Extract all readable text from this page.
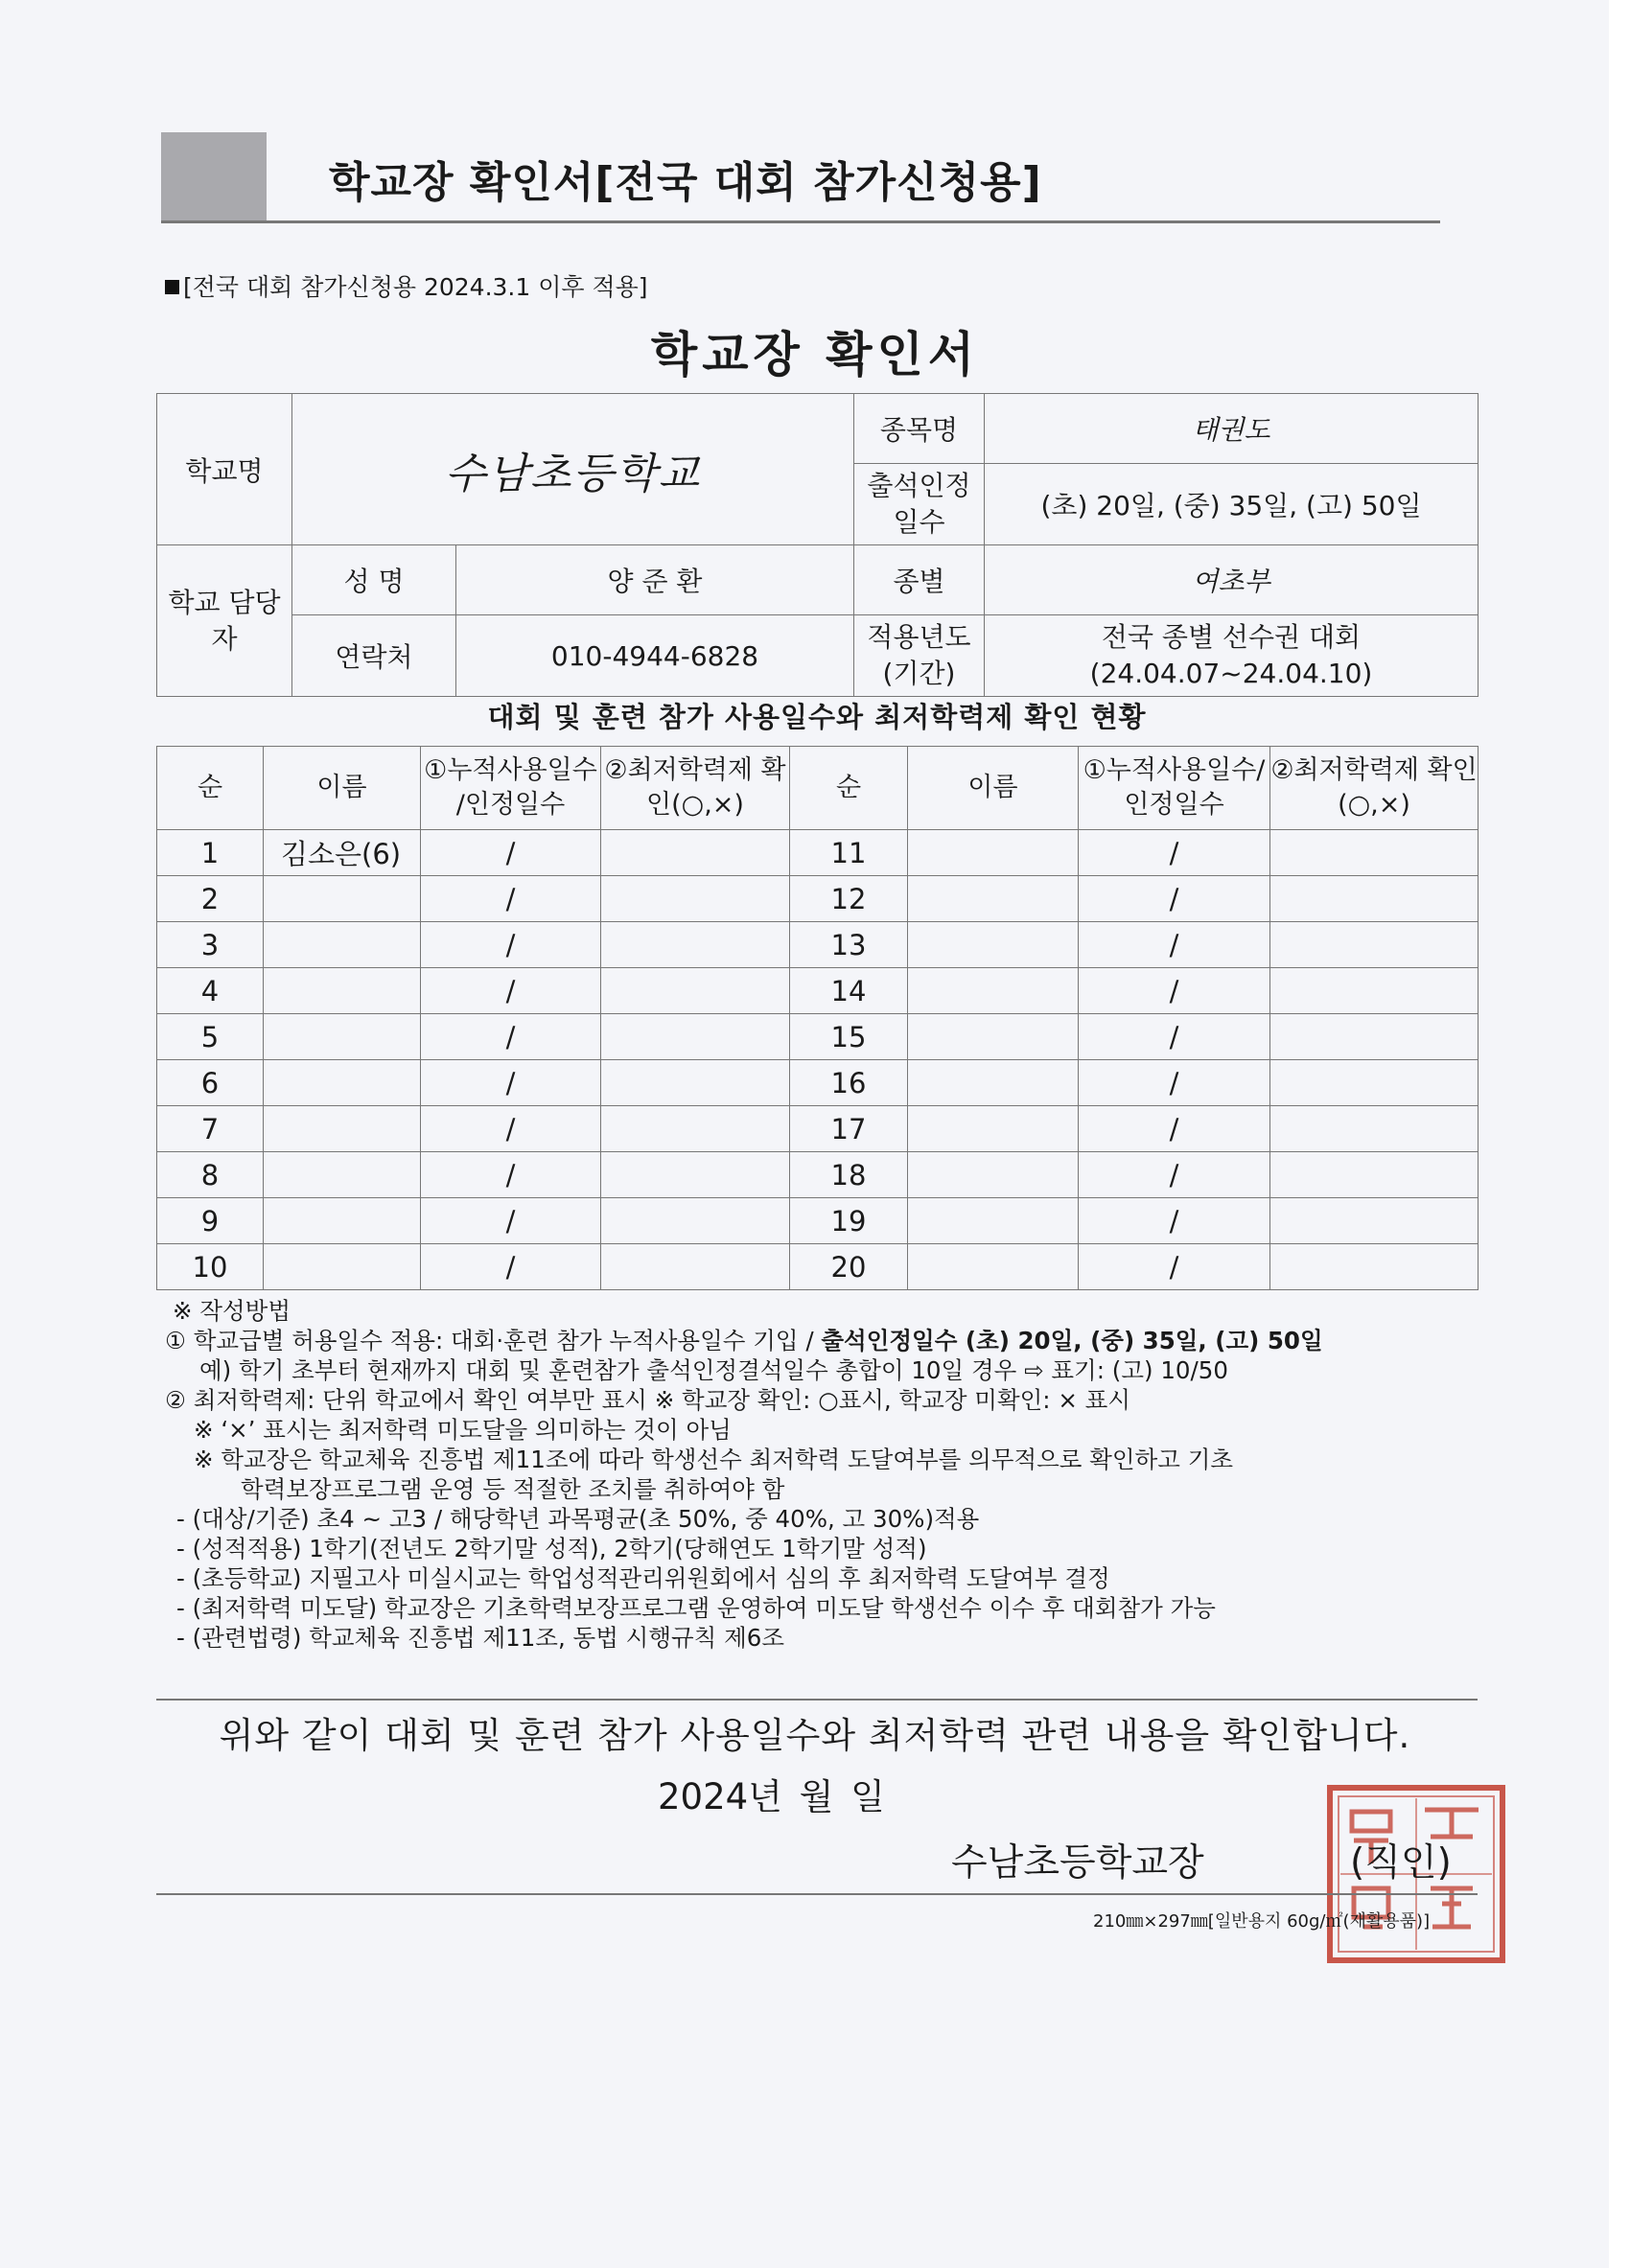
학교장 확인서[전국 대회 참가신청용]
[전국 대회 참가신청용 2024.3.1 이후 적용]
학교장 확인서
학교명	수남초등학교		종목명	태권도
			출석인정 일수	(초) 20일, (중) 35일, (고) 50일
학교 담당자	성 명	양 준 환	종별	여초부
	연락처	010-4944-6828	적용년도 (기간)	전국 종별 선수권 대회 (24.04.07~24.04.10)
대회 및 훈련 참가 사용일수와 최저학력제 확인 현황
순	이름	①누적사용일수 /인정일수	②최저학력제 확인(○,×)	순	이름	①누적사용일수/ 인정일수	②최저학력제 확인(○,×)
1	김소은(6)	/		11		/	
2		/		12		/	
3		/		13		/	
4		/		14		/	
5		/		15		/	
6		/		16		/	
7		/		17		/	
8		/		18		/	
9		/		19		/	
10		/		20		/	
※ 작성방법
① 학교급별 허용일수 적용: 대회·훈련 참가 누적사용일수 기입 / 출석인정일수 (초) 20일, (중) 35일, (고) 50일
예) 학기 초부터 현재까지 대회 및 훈련참가 출석인정결석일수 총합이 10일 경우 ⇨ 표기: (고) 10/50
② 최저학력제: 단위 학교에서 확인 여부만 표시 ※ 학교장 확인: ○표시, 학교장 미확인: × 표시
※ ‘×’ 표시는 최저학력 미도달을 의미하는 것이 아님
※ 학교장은 학교체육 진흥법 제11조에 따라 학생선수 최저학력 도달여부를 의무적으로 확인하고 기초
학력보장프로그램 운영 등 적절한 조치를 취하여야 함
- (대상/기준) 초4 ~ 고3 / 해당학년 과목평균(초 50%, 중 40%, 고 30%)적용
- (성적적용) 1학기(전년도 2학기말 성적), 2학기(당해연도 1학기말 성적)
- (초등학교) 지필고사 미실시교는 학업성적관리위원회에서 심의 후 최저학력 도달여부 결정
- (최저학력 미도달) 학교장은 기초학력보장프로그램 운영하여 미도달 학생선수 이수 후 대회참가 가능
- (관련법령) 학교체육 진흥법 제11조, 동법 시행규칙 제6조
위와 같이 대회 및 훈련 참가 사용일수와 최저학력 관련 내용을 확인합니다.
2024년 월 일
수남초등학교장	(직인)
210㎜×297㎜[일반용지 60g/㎡(재활용품)]
